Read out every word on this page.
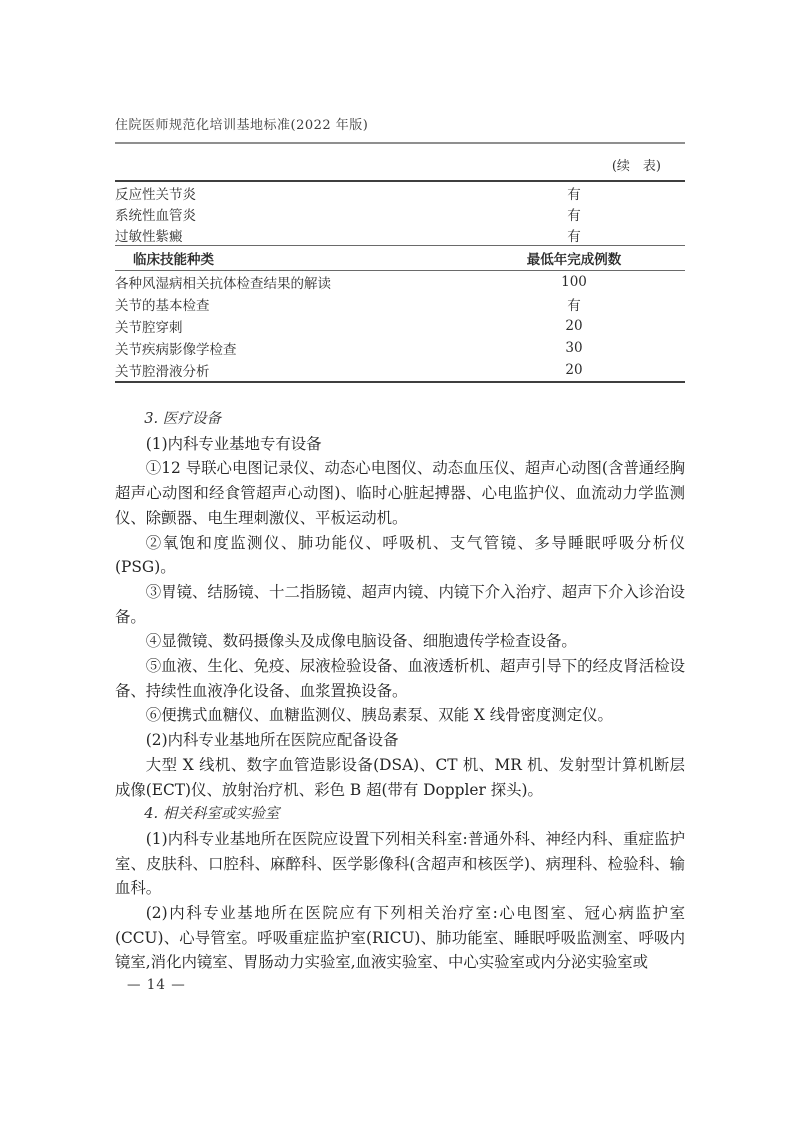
住院医师规范化培训基地标准(2022 年版)
(续　表)
反应性关节炎	有
系统性血管炎	有
过敏性紫癜	有
临床技能种类	最低年完成例数
各种风湿病相关抗体检查结果的解读	100
关节的基本检查	有
关节腔穿刺	20
关节疾病影像学检查	30
关节腔滑液分析	20

3. 医疗设备

(1)内科专业基地专有设备

①12 导联心电图记录仪、动态心电图仪、动态血压仪、超声心动图(含普通经胸超声心动图和经食管超声心动图)、临时心脏起搏器、心电监护仪、血流动力学监测仪、除颤器、电生理刺激仪、平板运动机。

②氧饱和度监测仪、肺功能仪、呼吸机、支气管镜、多导睡眠呼吸分析仪(PSG)。

③胃镜、结肠镜、十二指肠镜、超声内镜、内镜下介入治疗、超声下介入诊治设备。

④显微镜、数码摄像头及成像电脑设备、细胞遗传学检查设备。

⑤血液、生化、免疫、尿液检验设备、血液透析机、超声引导下的经皮肾活检设备、持续性血液净化设备、血浆置换设备。

⑥便携式血糖仪、血糖监测仪、胰岛素泵、双能 X 线骨密度测定仪。

(2)内科专业基地所在医院应配备设备

大型 X 线机、数字血管造影设备(DSA)、CT 机、MR 机、发射型计算机断层成像(ECT)仪、放射治疗机、彩色 B 超(带有 Doppler 探头)。

4. 相关科室或实验室

(1)内科专业基地所在医院应设置下列相关科室:普通外科、神经内科、重症监护室、皮肤科、口腔科、麻醉科、医学影像科(含超声和核医学)、病理科、检验科、输血科。

(2)内科专业基地所在医院应有下列相关治疗室:心电图室、冠心病监护室(CCU)、心导管室。呼吸重症监护室(RICU)、肺功能室、睡眠呼吸监测室、呼吸内镜室,消化内镜室、胃肠动力实验室,血液实验室、中心实验室或内分泌实验室或

— 14 —
